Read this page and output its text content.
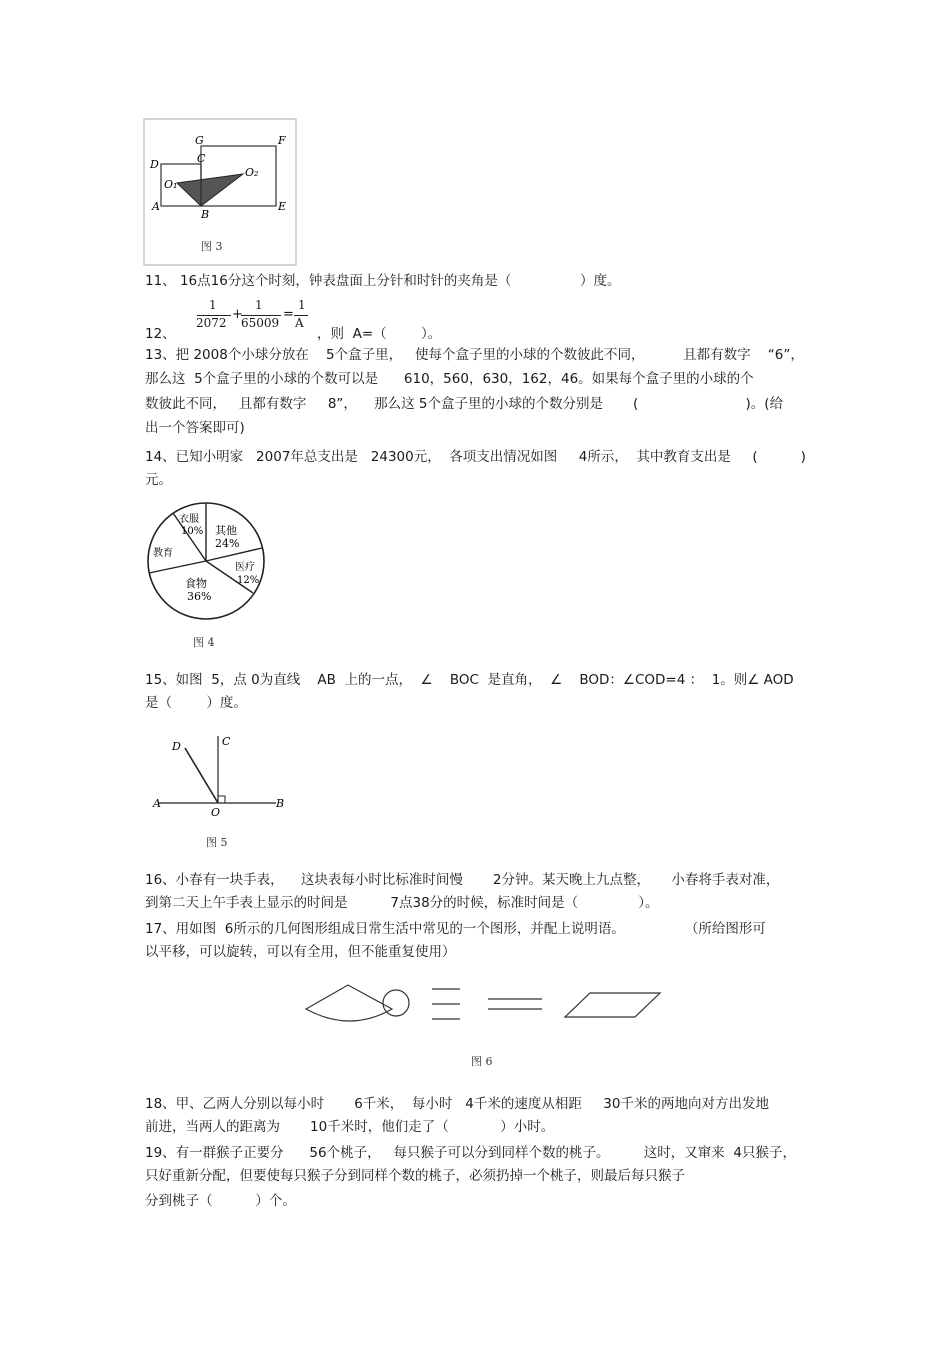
G	F
C
D
O₁
O₂
A
B
E
图 3
11、 16点16分这个时刻，钟表盘面上分针和时针的夹角是（                ）度。
12、
1
2072
+
1
65009
=
1
A
，则  A=（        ）。
13、把 2008个小球分放在    5个盒子里，   使每个盒子里的小球的个数彼此不同，         且都有数字    “6”，
那么这  5个盒子里的小球的个数可以是      610，560，630，162，46。如果每个盒子里的小球的个
数彼此不同，   且都有数字     8”，    那么这 5个盒子里的小球的个数分别是       (                         )。(给
出一个答案即可)
14、已知小明家   2007年总支出是   24300元，  各项支出情况如图     4所示，  其中教育支出是     (          )
元。
衣服
10% 其他
24%
医疗
12%
食物
36%
教育
图 4
15、如图  5，点 0为直线    AB  上的一点，  ∠    BOC  是直角，  ∠    BOD：∠COD=4 ：  1。则∠ AOD
是（        ）度。
D	C
A
O
B
图 5
16、小春有一块手表，    这块表每小时比标准时间慢       2分钟。某天晚上九点整，     小春将手表对准，
到第二天上午手表上显示的时间是          7点38分的时候，标准时间是（              ）。
17、用如图  6所示的几何图形组成日常生活中常见的一个图形，并配上说明语。              （所给图形可
以平移，可以旋转，可以有全用，但不能重复使用）
图 6
18、甲、乙两人分别以每小时       6千米，  每小时   4千米的速度从相距     30千米的两地向对方出发地
前进，当两人的距离为       10千米时，他们走了（            ）小时。
19、有一群猴子正要分      56个桃子，   每只猴子可以分到同样个数的桃子。        这时，又窜来  4只猴子，
只好重新分配，但要使每只猴子分到同样个数的桃子，必须扔掉一个桃子，则最后每只猴子
分到桃子（          ）个。
